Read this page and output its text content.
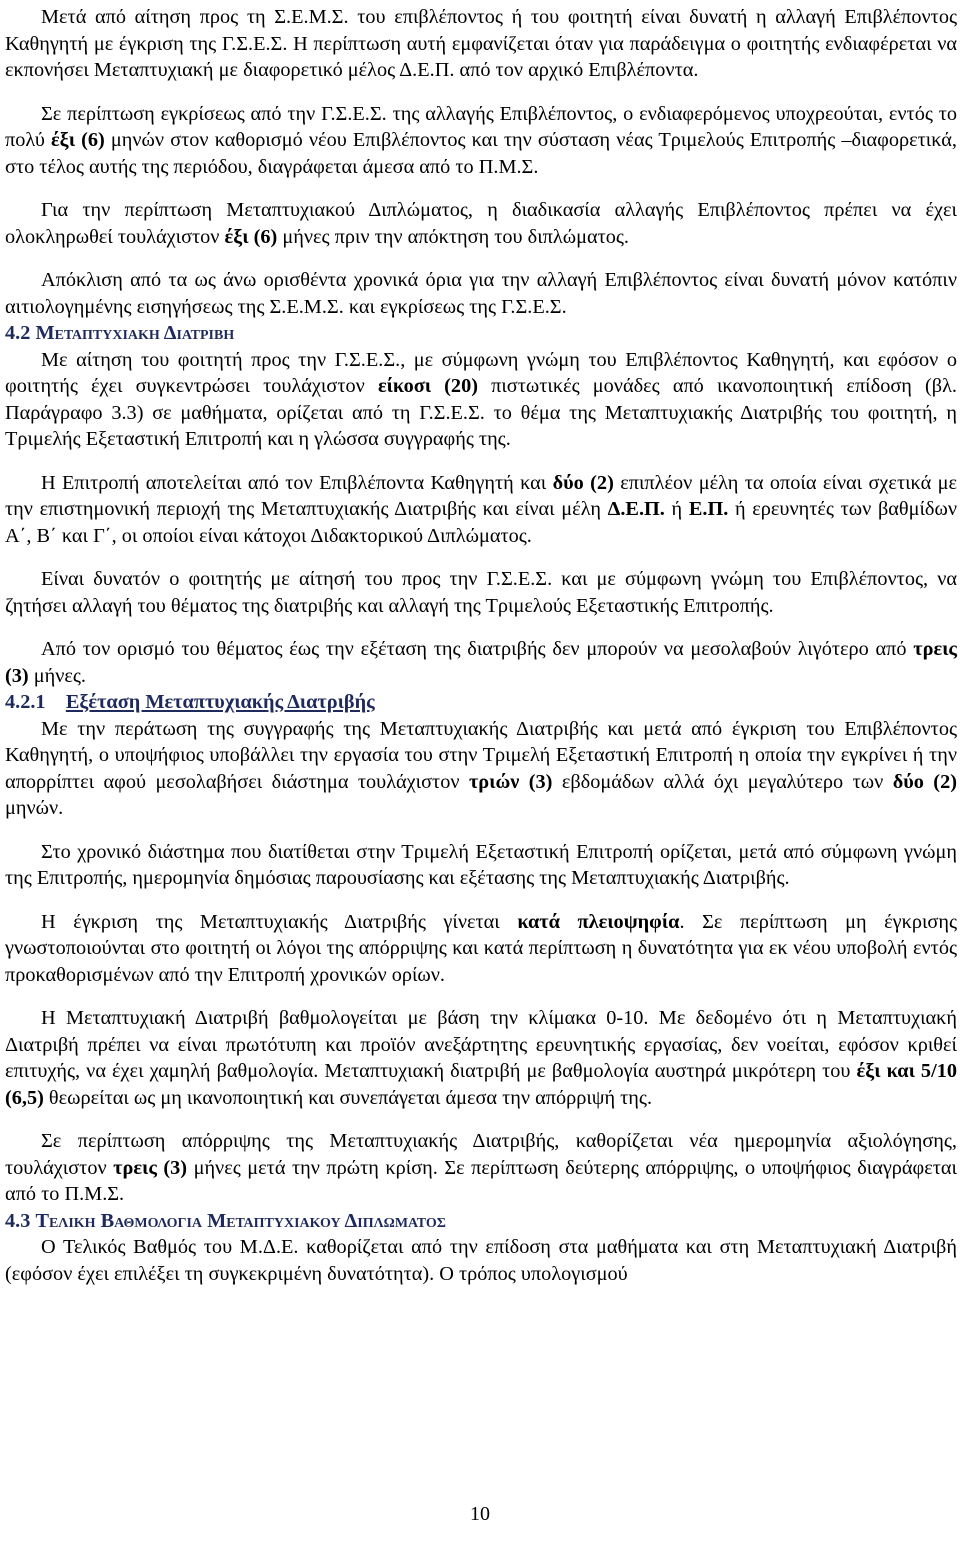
Μετά από αίτηση προς τη Σ.Ε.Μ.Σ. του επιβλέποντος ή του φοιτητή είναι δυνατή η αλλαγή Επιβλέποντος Καθηγητή με έγκριση της Γ.Σ.Ε.Σ. Η περίπτωση αυτή εμφανίζεται όταν για παράδειγμα ο φοιτητής ενδιαφέρεται να εκπονήσει Μεταπτυχιακή με διαφορετικό μέλος Δ.Ε.Π. από τον αρχικό Επιβλέποντα.

Σε περίπτωση εγκρίσεως από την Γ.Σ.Ε.Σ. της αλλαγής Επιβλέποντος, ο ενδιαφερόμενος υποχρεούται, εντός το πολύ έξι (6) μηνών στον καθορισμό νέου Επιβλέποντος και την σύσταση νέας Τριμελούς Επιτροπής –διαφορετικά, στο τέλος αυτής της περιόδου, διαγράφεται άμεσα από το Π.Μ.Σ.

Για την περίπτωση Μεταπτυχιακού Διπλώματος, η διαδικασία αλλαγής Επιβλέποντος πρέπει να έχει ολοκληρωθεί τουλάχιστον έξι (6) μήνες πριν την απόκτηση του διπλώματος.

Απόκλιση από τα ως άνω ορισθέντα χρονικά όρια για την αλλαγή Επιβλέποντος είναι δυνατή μόνον κατόπιν αιτιολογημένης εισηγήσεως της Σ.Ε.Μ.Σ. και εγκρίσεως της Γ.Σ.Ε.Σ.

4.2 Μεταπτυχιακη Διατριβη

Με αίτηση του φοιτητή προς την Γ.Σ.Ε.Σ., με σύμφωνη γνώμη του Επιβλέποντος Καθηγητή, και εφόσον ο φοιτητής έχει συγκεντρώσει τουλάχιστον είκοσι (20) πιστωτικές μονάδες από ικανοποιητική επίδοση (βλ. Παράγραφο 3.3) σε μαθήματα, ορίζεται από τη Γ.Σ.Ε.Σ. το θέμα της Μεταπτυχιακής Διατριβής του φοιτητή, η Τριμελής Εξεταστική Επιτροπή και η γλώσσα συγγραφής της.

Η Επιτροπή αποτελείται από τον Επιβλέποντα Καθηγητή και δύο (2) επιπλέον μέλη τα οποία είναι σχετικά με την επιστημονική περιοχή της Μεταπτυχιακής Διατριβής και είναι μέλη Δ.Ε.Π. ή Ε.Π. ή ερευνητές των βαθμίδων Α΄, Β΄ και Γ΄, οι οποίοι είναι κάτοχοι Διδακτορικού Διπλώματος.

Είναι δυνατόν ο φοιτητής με αίτησή του προς την Γ.Σ.Ε.Σ. και με σύμφωνη γνώμη του Επιβλέποντος, να ζητήσει αλλαγή του θέματος της διατριβής και αλλαγή της Τριμελούς Εξεταστικής Επιτροπής.

Από τον ορισμό του θέματος έως την εξέταση της διατριβής δεν μπορούν να μεσολαβούν λιγότερο από τρεις (3) μήνες.

4.2.1 Εξέταση Μεταπτυχιακής Διατριβής

Με την περάτωση της συγγραφής της Μεταπτυχιακής Διατριβής και μετά από έγκριση του Επιβλέποντος Καθηγητή, ο υποψήφιος υποβάλλει την εργασία του στην Τριμελή Εξεταστική Επιτροπή η οποία την εγκρίνει ή την απορρίπτει αφού μεσολαβήσει διάστημα τουλάχιστον τριών (3) εβδομάδων αλλά όχι μεγαλύτερο των δύο (2) μηνών.

Στο χρονικό διάστημα που διατίθεται στην Τριμελή Εξεταστική Επιτροπή ορίζεται, μετά από σύμφωνη γνώμη της Επιτροπής, ημερομηνία δημόσιας παρουσίασης και εξέτασης της Μεταπτυχιακής Διατριβής.

Η έγκριση της Μεταπτυχιακής Διατριβής γίνεται κατά πλειοψηφία. Σε περίπτωση μη έγκρισης γνωστοποιούνται στο φοιτητή οι λόγοι της απόρριψης και κατά περίπτωση η δυνατότητα για εκ νέου υποβολή εντός προκαθορισμένων από την Επιτροπή χρονικών ορίων.

Η Μεταπτυχιακή Διατριβή βαθμολογείται με βάση την κλίμακα 0-10. Με δεδομένο ότι η Μεταπτυχιακή Διατριβή πρέπει να είναι πρωτότυπη και προϊόν ανεξάρτητης ερευνητικής εργασίας, δεν νοείται, εφόσον κριθεί επιτυχής, να έχει χαμηλή βαθμολογία. Μεταπτυχιακή διατριβή με βαθμολογία αυστηρά μικρότερη του έξι και 5/10 (6,5) θεωρείται ως μη ικανοποιητική και συνεπάγεται άμεσα την απόρριψή της.

Σε περίπτωση απόρριψης της Μεταπτυχιακής Διατριβής, καθορίζεται νέα ημερομηνία αξιολόγησης, τουλάχιστον τρεις (3) μήνες μετά την πρώτη κρίση. Σε περίπτωση δεύτερης απόρριψης, ο υποψήφιος διαγράφεται από το Π.Μ.Σ.

4.3 Τελικη Βαθμολογια Μεταπτυχιακου Διπλωματος

Ο Τελικός Βαθμός του Μ.Δ.Ε. καθορίζεται από την επίδοση στα μαθήματα και στη Μεταπτυχιακή Διατριβή (εφόσον έχει επιλέξει τη συγκεκριμένη δυνατότητα). Ο τρόπος υπολογισμού

10
